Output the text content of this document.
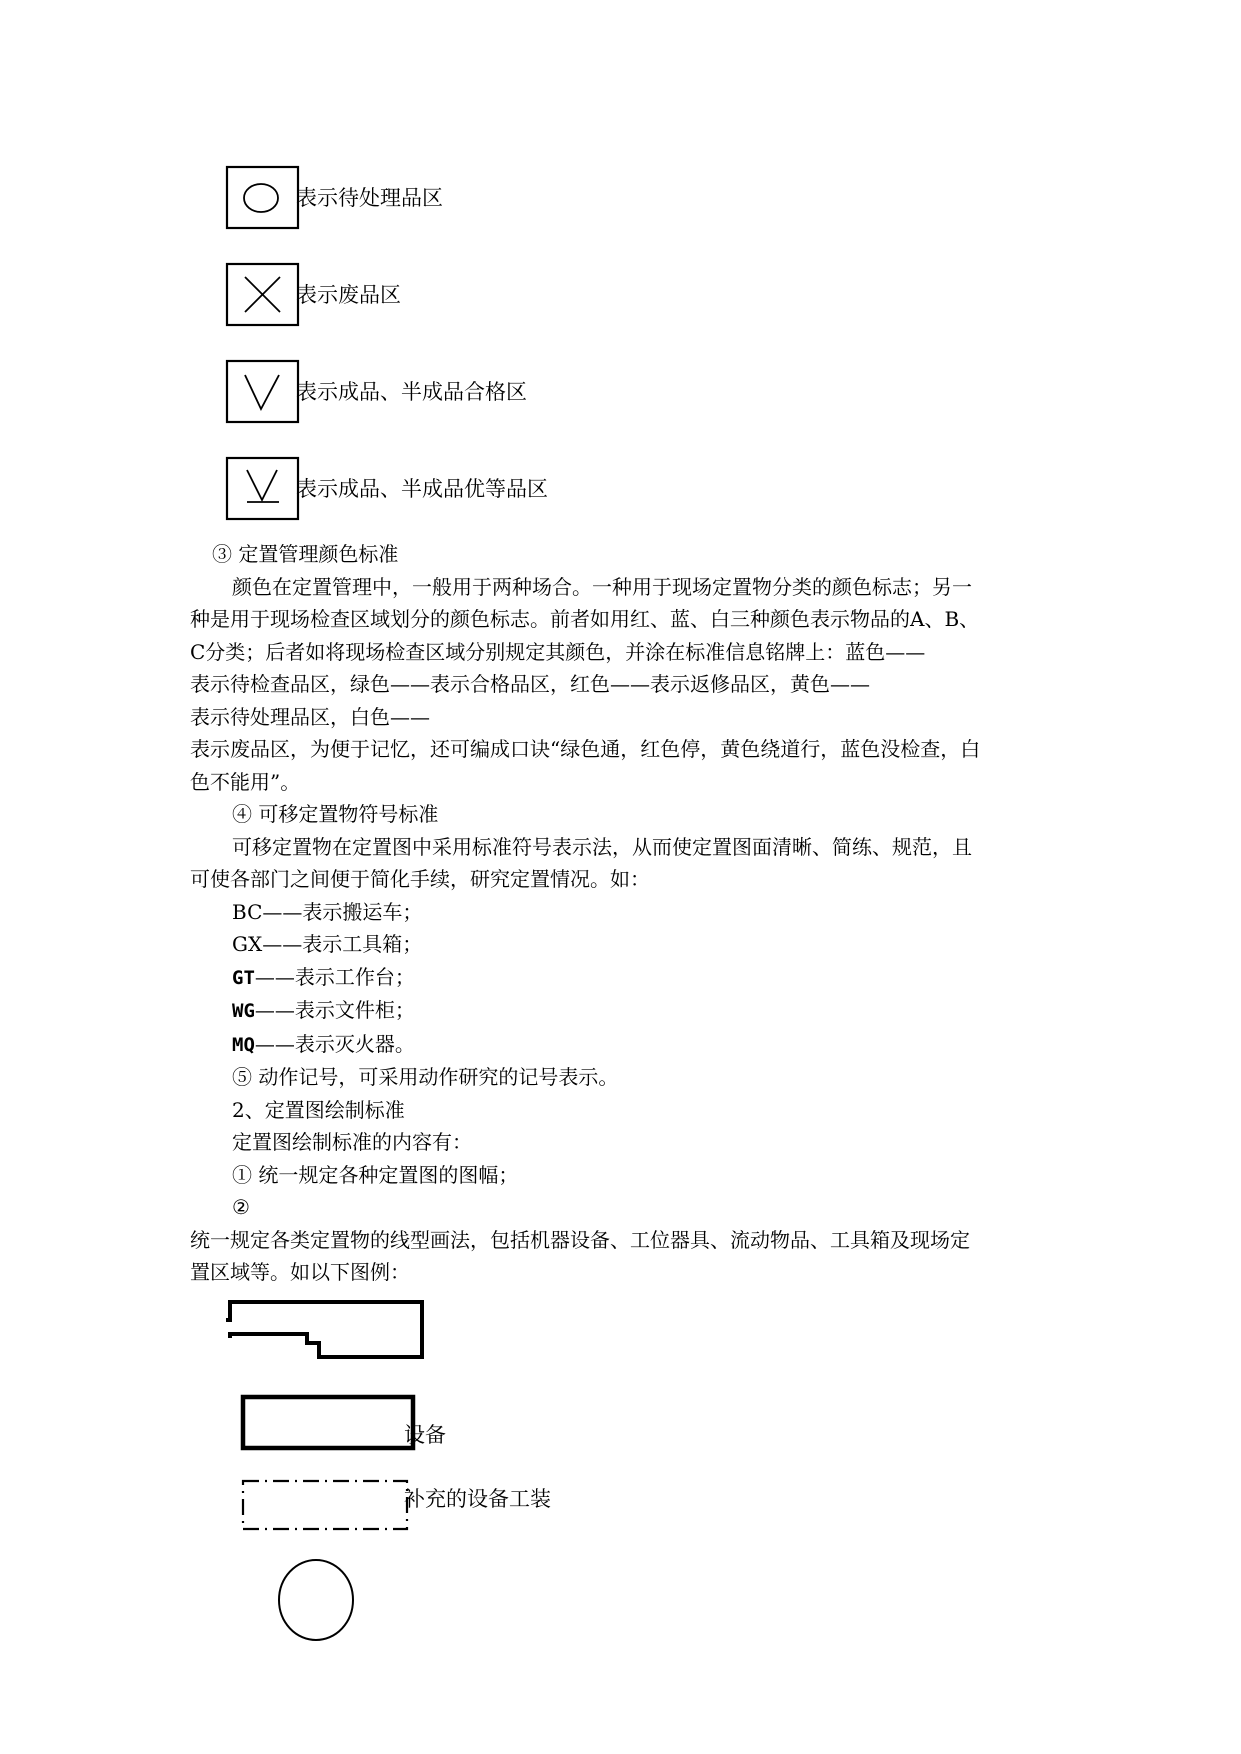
表示待处理品区
表示废品区
表示成品、半成品合格区
表示成品、半成品优等品区
③ 定置管理颜色标准
颜色在定置管理中，一般用于两种场合。一种用于现场定置物分类的颜色标志；另一
种是用于现场检查区域划分的颜色标志。前者如用红、蓝、白三种颜色表示物品的A、B、
C分类；后者如将现场检查区域分别规定其颜色，并涂在标准信息铭牌上：蓝色——
表示待检查品区，绿色——表示合格品区，红色——表示返修品区，黄色——
表示待处理品区，白色——
表示废品区，为便于记忆，还可编成口诀“绿色通，红色停，黄色绕道行，蓝色没检查，白
色不能用”。
④ 可移定置物符号标准
可移定置物在定置图中采用标准符号表示法，从而使定置图面清晰、简练、规范，且
可使各部门之间便于简化手续，研究定置情况。如：
BC——表示搬运车；
GX——表示工具箱；
GT——表示工作台；
WG——表示文件柜；
MQ——表示灭火器。
⑤ 动作记号，可采用动作研究的记号表示。
2、定置图绘制标准
定置图绘制标准的内容有：
① 统一规定各种定置图的图幅；
②
统一规定各类定置物的线型画法，包括机器设备、工位器具、流动物品、工具箱及现场定
置区域等。如以下图例：
设备
补充的设备工装
